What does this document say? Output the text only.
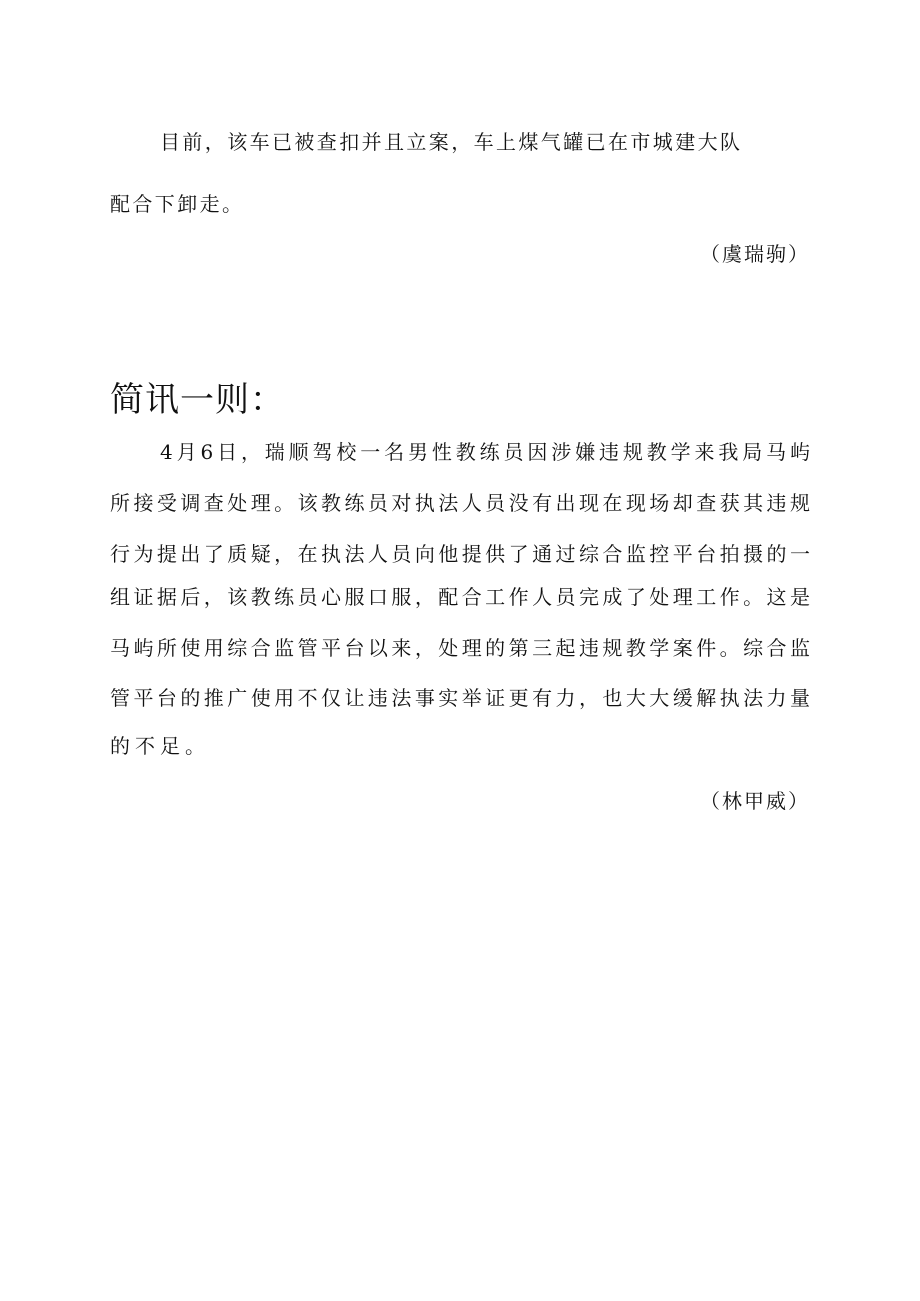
目前，该车已被查扣并且立案，车上煤气罐已在市城建大队
配合下卸走。
（虞瑞驹）
简讯一则：
4月6日，瑞顺驾校一名男性教练员因涉嫌违规教学来我局马屿
所接受调查处理。该教练员对执法人员没有出现在现场却查获其违规
行为提出了质疑，在执法人员向他提供了通过综合监控平台拍摄的一
组证据后，该教练员心服口服，配合工作人员完成了处理工作。这是
马屿所使用综合监管平台以来，处理的第三起违规教学案件。综合监
管平台的推广使用不仅让违法事实举证更有力，也大大缓解执法力量
的不足。
（林甲威）
